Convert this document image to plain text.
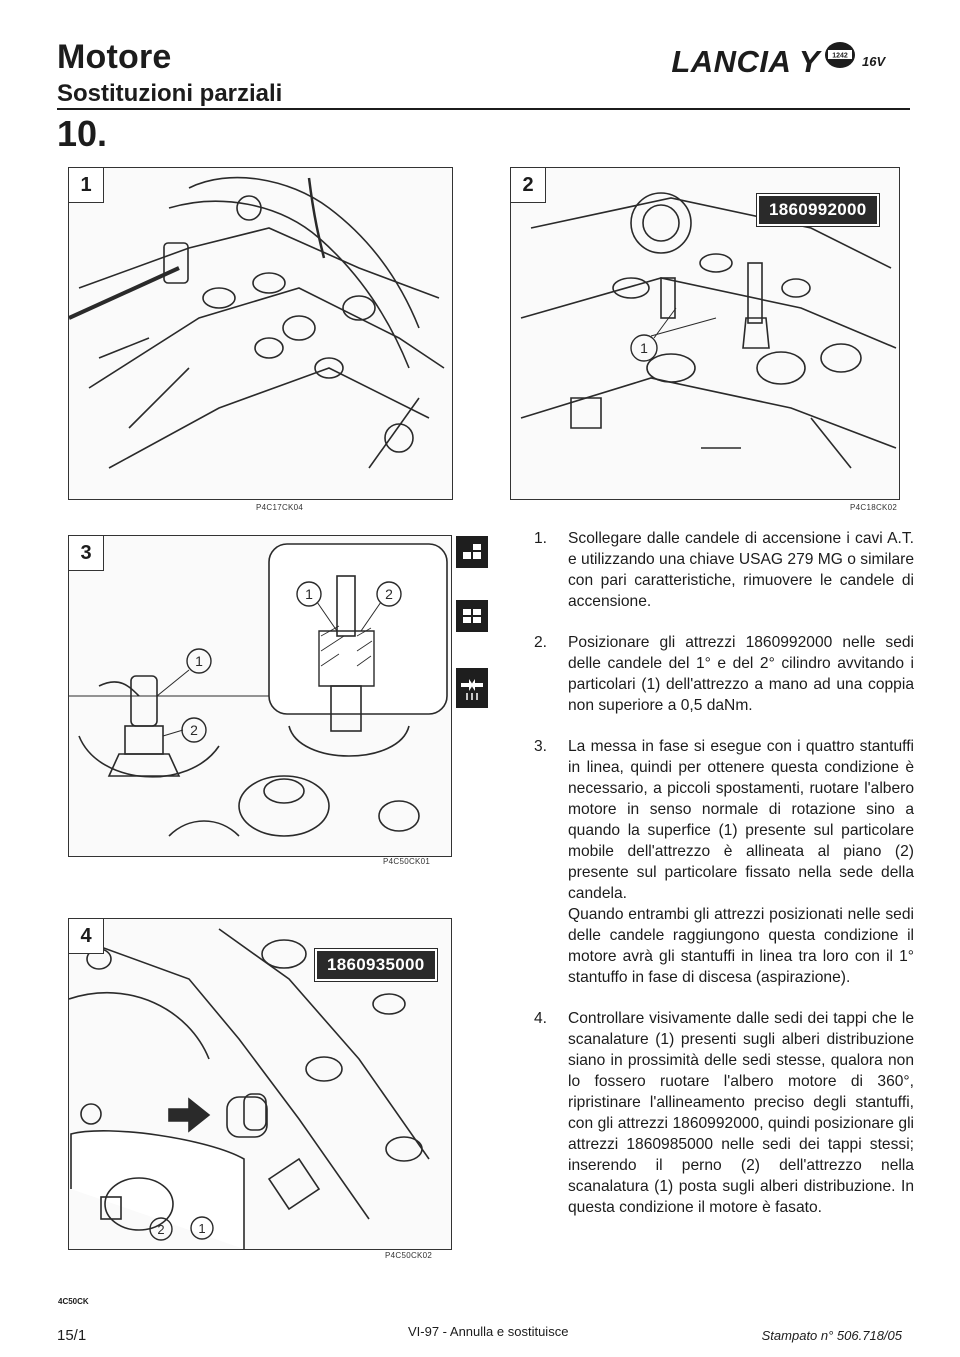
Motore
Sostituzioni parziali
LANCIA Y 1242 16V
10.
1
P4C17CK04
1
2
1860992000
P4C18CK02
1	2
1
2
3
P4C50CK01
2	1
4
1860935000
P4C50CK02
1. Scollegare dalle candele di accensione i cavi A.T. e utilizzando una chiave USAG 279 MG o similare con pari caratteristiche, rimuovere le candele di accensione.

2. Posizionare gli attrezzi 1860992000 nelle sedi delle candele del 1° e del 2° cilindro avvitando i particolari (1) dell'attrezzo a mano ad una coppia non superiore a 0,5 daNm.

3. La messa in fase si esegue con i quattro stantuffi in linea, quindi per ottenere questa condizione è necessario, a piccoli spostamenti, ruotare l'albero motore in senso normale di rotazione sino a quando la superfice (1) presente sul particolare mobile dell'attrezzo è allineata al piano (2) presente sul particolare fissato nella sede della candela.

Quando entrambi gli attrezzi posizionati nelle sedi delle candele raggiungono questa condizione il motore avrà gli stantuffi in linea tra loro con il 1° stantuffo in fase di discesa (aspirazione).

4. Controllare visivamente dalle sedi dei tappi che le scanalature (1) presenti sugli alberi distribuzione siano in prossimità delle sedi stesse, qualora non lo fossero ruotare l'albero motore di 360°, ripristinare l'allineamento preciso degli stantuffi, con gli attrezzi 1860992000, quindi posizionare gli attrezzi 1860985000 nelle sedi dei tappi stessi; inserendo il perno (2) dell'attrezzo nella scanalatura (1) posta sugli alberi distribuzione. In questa condizione il motore è fasato.

4C50CK
15/1	VI-97 - Annulla e sostituisce	Stampato n° 506.718/05
